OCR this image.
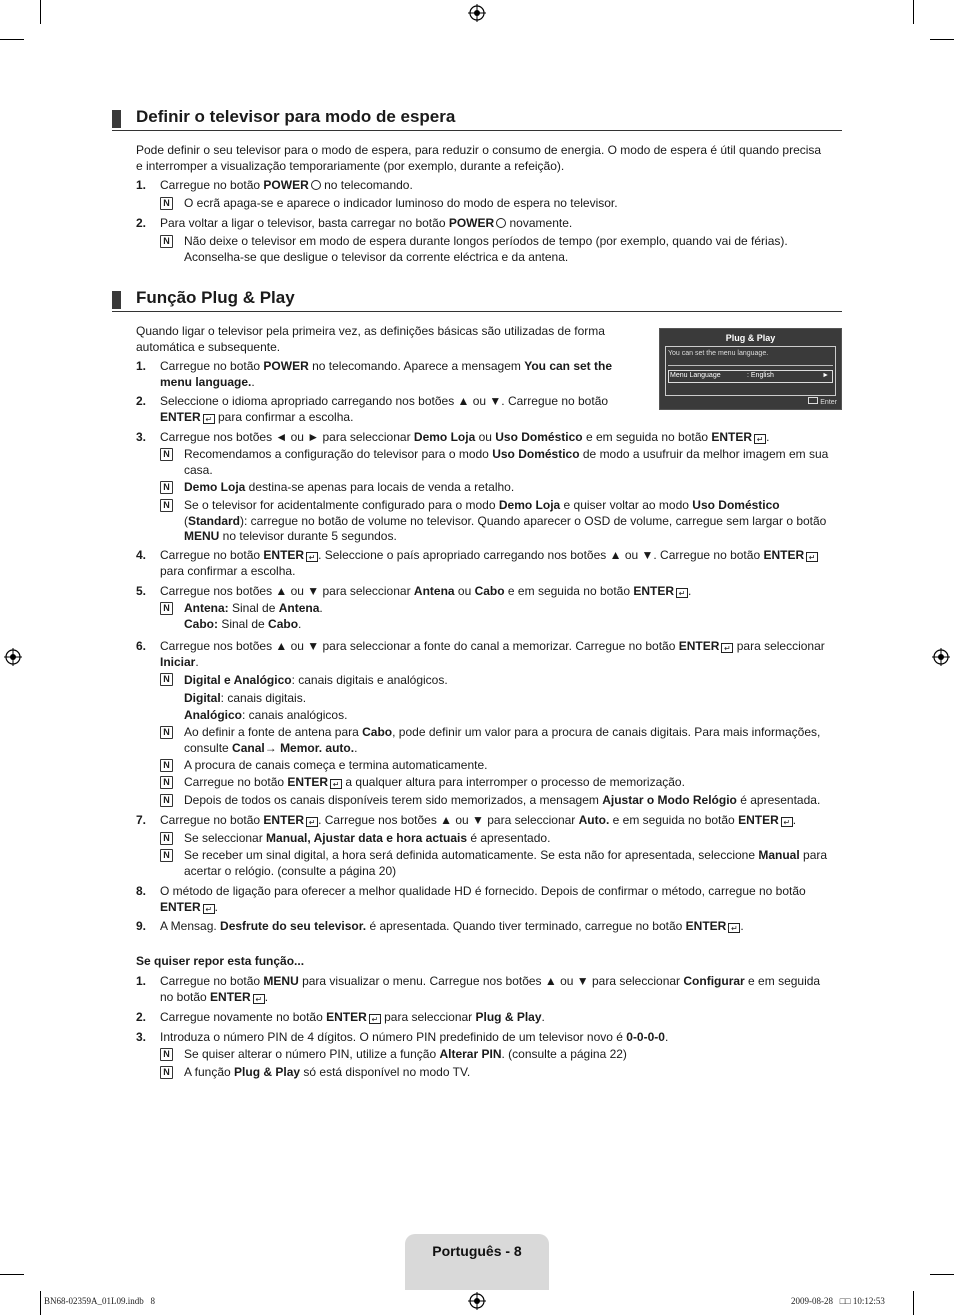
Definir o televisor para modo de espera
Pode definir o seu televisor para o modo de espera, para reduzir o consumo de energia. O modo de espera é útil quando precisa
e interromper a visualização temporariamente (por exemplo, durante a refeição).
1.	Carregue no botão POWER no telecomando.
N O ecrã apaga-se e aparece o indicador luminoso do modo de espera no televisor.
2.	Para voltar a ligar o televisor, basta carregar no botão POWER novamente.
N Não deixe o televisor em modo de espera durante longos períodos de tempo (por exemplo, quando vai de férias).
Aconselha-se que desligue o televisor da corrente eléctrica e da antena.
Função Plug & Play
Quando ligar o televisor pela primeira vez, as definições básicas são utilizadas de forma
automática e subsequente.
Plug & Play
You can set the menu language.
Menu Language	: English	►
Enter
1.	Carregue no botão POWER no telecomando. Aparece a mensagem You can set the
menu language..
2.	Seleccione o idioma apropriado carregando nos botões ▲ ou ▼. Carregue no botão
ENTER ↵ para confirmar a escolha.
3.	Carregue nos botões ◄ ou ► para seleccionar Demo Loja ou Uso Doméstico e em seguida no botão ENTER ↵ .
N Recomendamos a configuração do televisor para o modo Uso Doméstico de modo a usufruir da melhor imagem em sua
casa.
N Demo Loja destina-se apenas para locais de venda a retalho.
N Se o televisor for acidentalmente configurado para o modo Demo Loja e quiser voltar ao modo Uso Doméstico
(Standard): carregue no botão de volume no televisor. Quando aparecer o OSD de volume, carregue sem largar o botão
MENU no televisor durante 5 segundos.
4.	Carregue no botão ENTER ↵ . Seleccione o país apropriado carregando nos botões ▲ ou ▼. Carregue no botão ENTER ↵
para confirmar a escolha.
5.	Carregue nos botões ▲ ou ▼ para seleccionar Antena ou Cabo e em seguida no botão ENTER ↵ .
N Antena: Sinal de Antena.
Cabo: Sinal de Cabo.
6.	Carregue nos botões ▲ ou ▼ para seleccionar a fonte do canal a memorizar. Carregue no botão ENTER ↵ para seleccionar
Iniciar.
N Digital e Analógico: canais digitais e analógicos.
Digital: canais digitais.
Analógico: canais analógicos.
N Ao definir a fonte de antena para Cabo, pode definir um valor para a procura de canais digitais. Para mais informações,
consulte Canal→ Memor. auto..
N A procura de canais começa e termina automaticamente.
N Carregue no botão ENTER ↵ a qualquer altura para interromper o processo de memorização.
N Depois de todos os canais disponíveis terem sido memorizados, a mensagem Ajustar o Modo Relógio é apresentada.
7.	Carregue no botão ENTER ↵ . Carregue nos botões ▲ ou ▼ para seleccionar Auto. e em seguida no botão ENTER ↵ .
N Se seleccionar Manual, Ajustar data e hora actuais é apresentado.
N Se receber um sinal digital, a hora será definida automaticamente. Se esta não for apresentada, seleccione Manual para
acertar o relógio. (consulte a página 20)
8.	O método de ligação para oferecer a melhor qualidade HD é fornecido. Depois de confirmar o método, carregue no botão
ENTER ↵ .
9.	A Mensag. Desfrute do seu televisor. é apresentada. Quando tiver terminado, carregue no botão ENTER ↵ .
Se quiser repor esta função...
1.	Carregue no botão MENU para visualizar o menu. Carregue nos botões ▲ ou ▼ para seleccionar Configurar e em seguida
no botão ENTER ↵ .
2.	Carregue novamente no botão ENTER ↵ para seleccionar Plug & Play.
3.	Introduza o número PIN de 4 dígitos. O número PIN predefinido de um televisor novo é 0-0-0-0.
N Se quiser alterar o número PIN, utilize a função Alterar PIN. (consulte a página 22)
N A função Plug & Play só está disponível no modo TV.
Português - 8
BN68-02359A_01L09.indb   8	2009-08-28   □□ 10:12:53
